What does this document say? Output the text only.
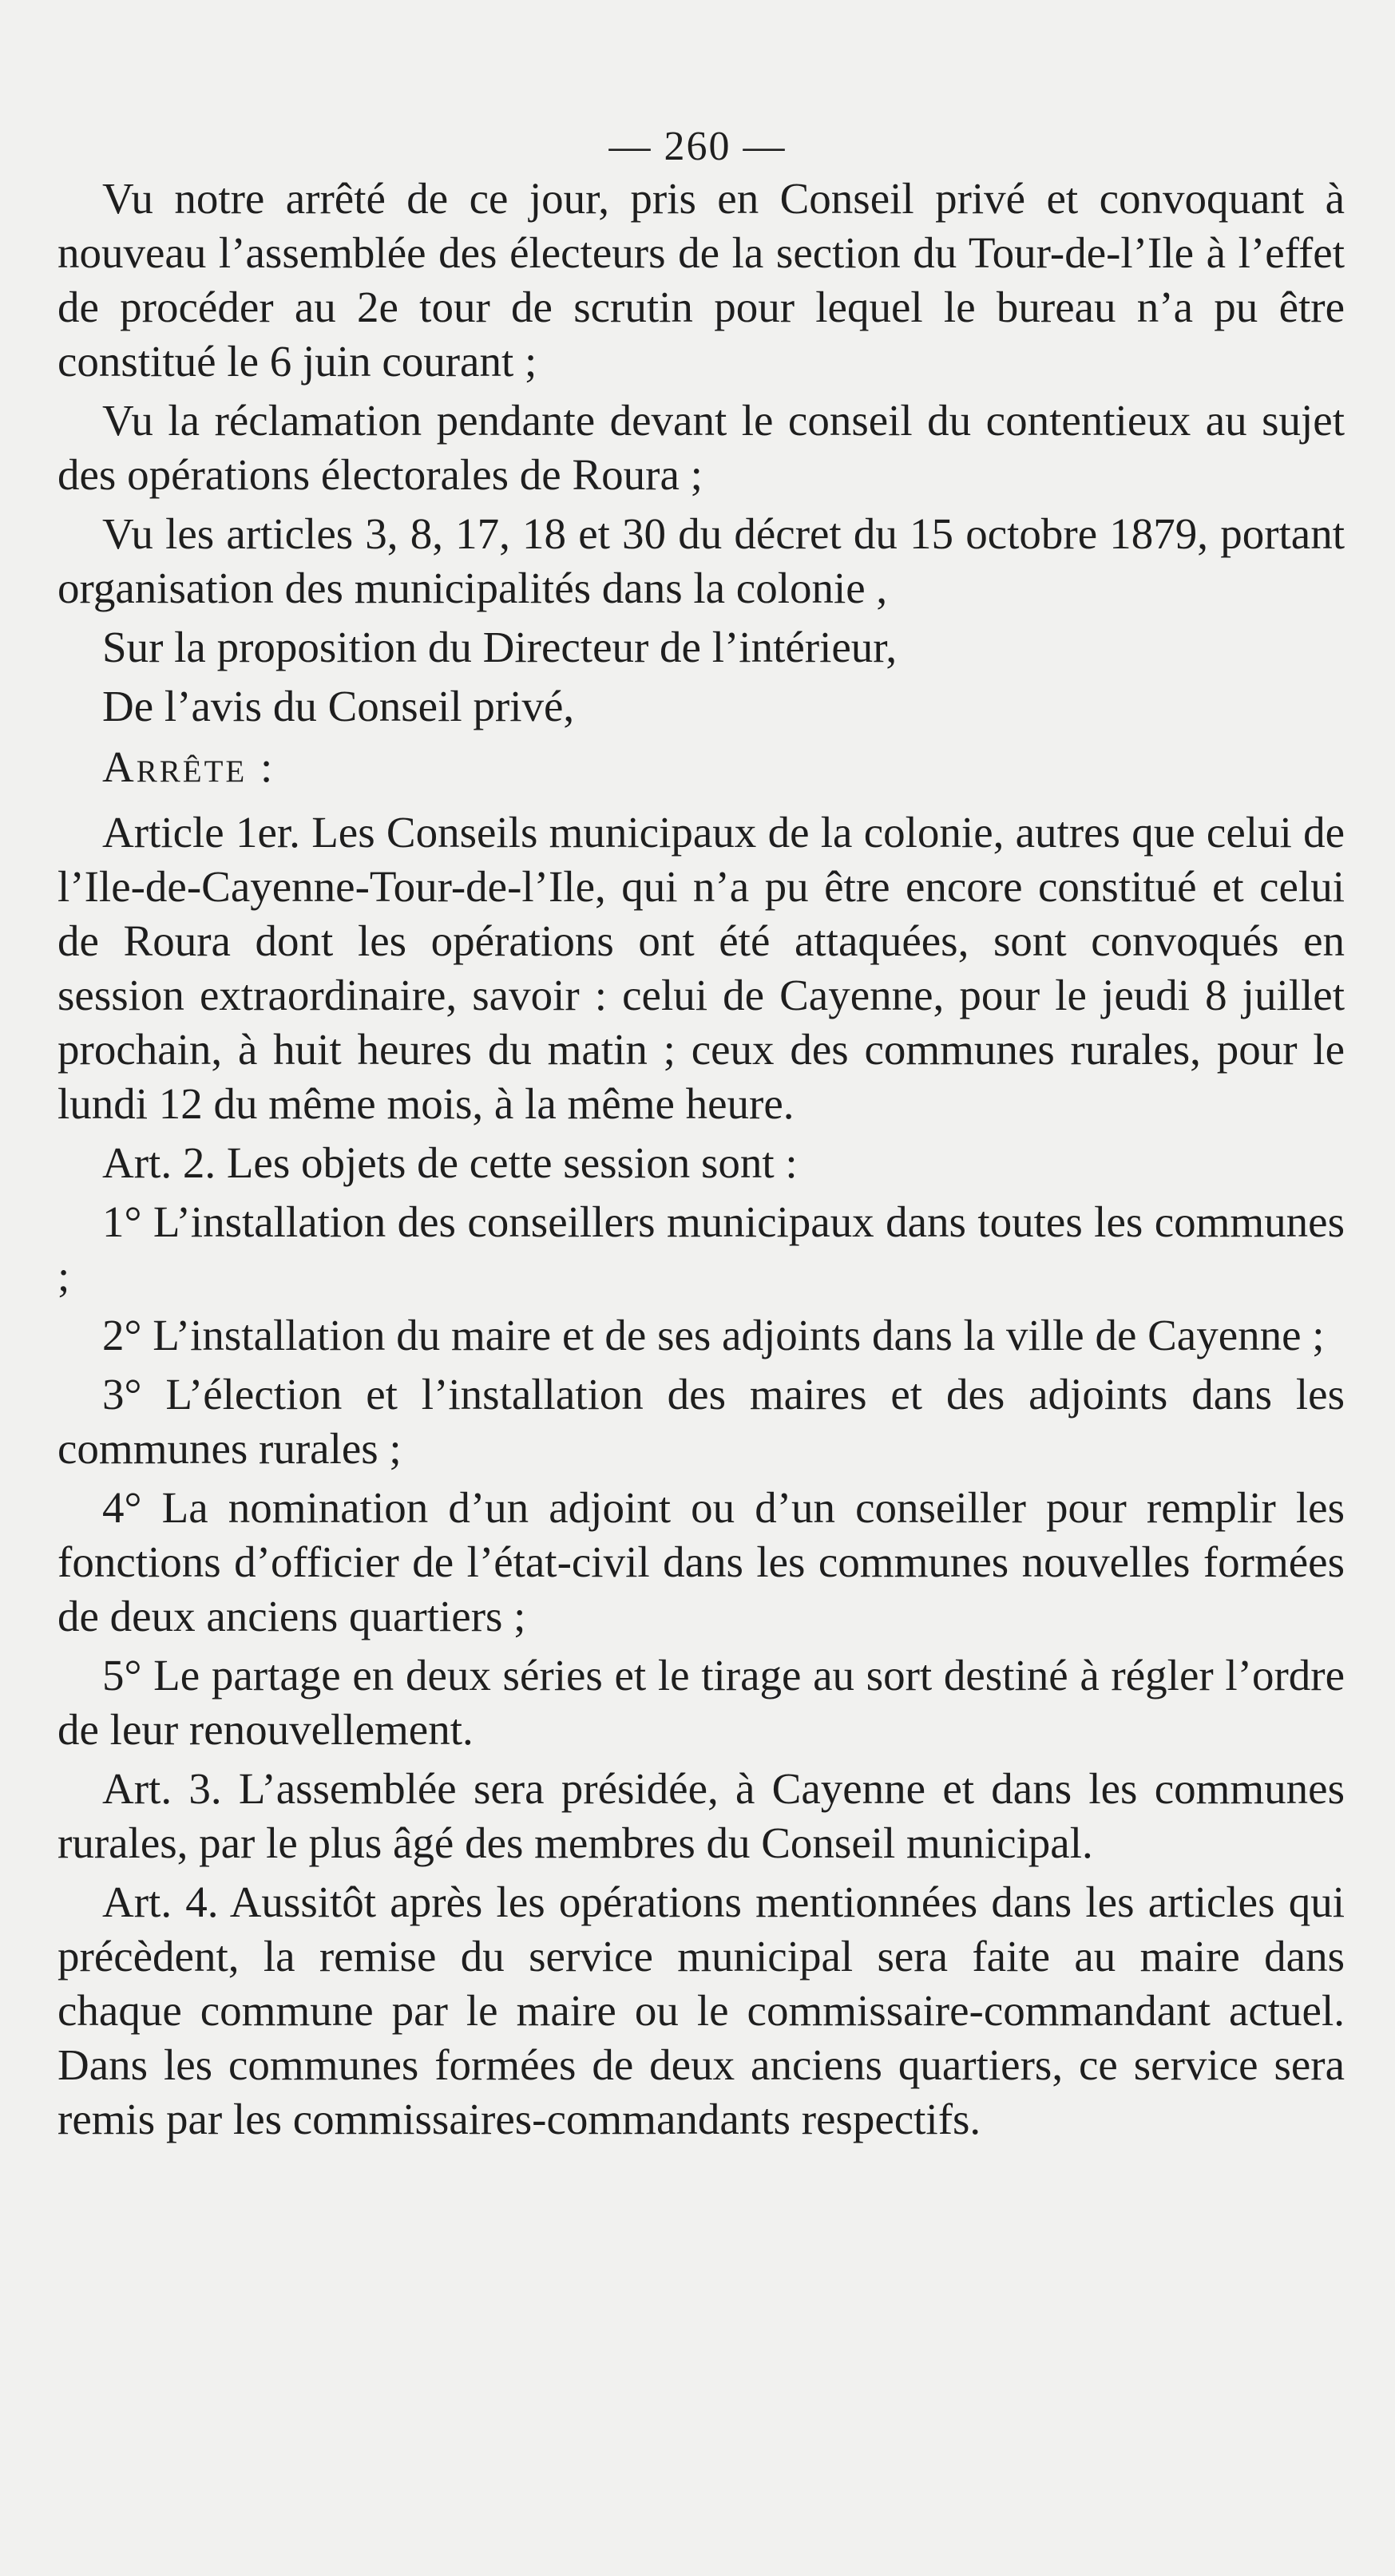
— 260 —

Vu notre arrêté de ce jour, pris en Conseil privé et convoquant à nouveau l’assemblée des électeurs de la section du Tour-de-l’Ile à l’effet de procéder au 2e tour de scrutin pour lequel le bureau n’a pu être constitué le 6 juin courant ;

Vu la réclamation pendante devant le conseil du contentieux au sujet des opérations électorales de Roura ;

Vu les articles 3, 8, 17, 18 et 30 du décret du 15 octobre 1879, portant organisation des municipalités dans la colonie ,

Sur la proposition du Directeur de l’intérieur,

De l’avis du Conseil privé,

Arrête :

Article 1er. Les Conseils municipaux de la colonie, autres que celui de l’Ile-de-Cayenne-Tour-de-l’Ile, qui n’a pu être encore constitué et celui de Roura dont les opérations ont été attaquées, sont convoqués en session extraordinaire, savoir : celui de Cayenne, pour le jeudi 8 juillet prochain, à huit heures du matin ; ceux des communes rurales, pour le lundi 12 du même mois, à la même heure.

Art. 2. Les objets de cette session sont :

1° L’installation des conseillers municipaux dans toutes les communes ;

2° L’installation du maire et de ses adjoints dans la ville de Cayenne ;

3° L’élection et l’installation des maires et des adjoints dans les communes rurales ;

4° La nomination d’un adjoint ou d’un conseiller pour remplir les fonctions d’officier de l’état-civil dans les communes nouvelles formées de deux anciens quartiers ;

5° Le partage en deux séries et le tirage au sort destiné à régler l’ordre de leur renouvellement.

Art. 3. L’assemblée sera présidée, à Cayenne et dans les communes rurales, par le plus âgé des membres du Conseil municipal.

Art. 4. Aussitôt après les opérations mentionnées dans les articles qui précèdent, la remise du service municipal sera faite au maire dans chaque commune par le maire ou le commissaire-commandant actuel. Dans les communes formées de deux anciens quartiers, ce service sera remis par les commissaires-commandants respectifs.
